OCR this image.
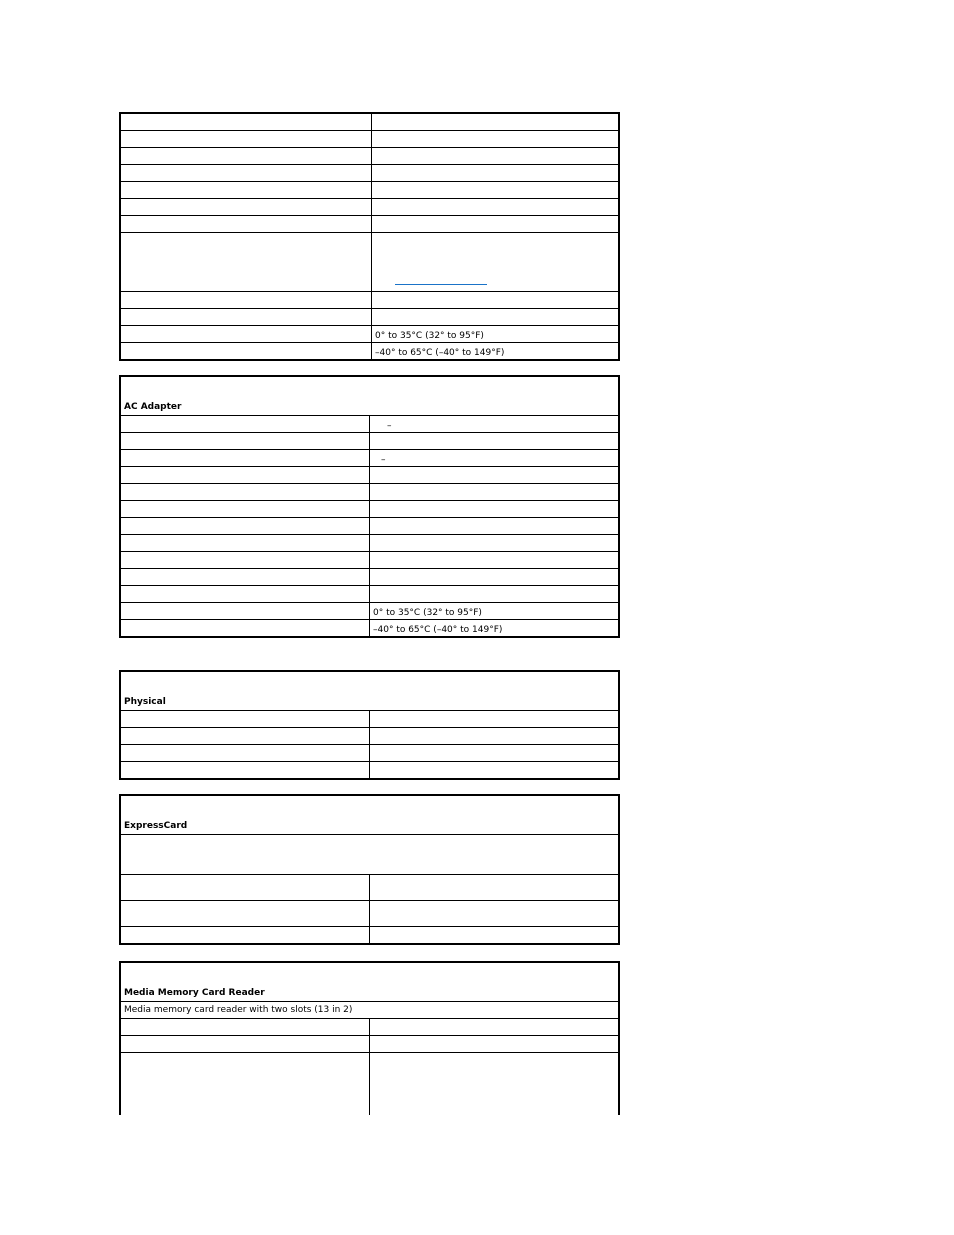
	0° to 35°C (32° to 95°F)
	–40° to 65°C (–40° to 149°F)
AC Adapter	
	–

	–

	0° to 35°C (32° to 95°F)
	–40° to 65°C (–40° to 149°F)
Physical	

ExpressCard	

Media Memory Card Reader	
Media memory card reader with two slots (13 in 2)	
